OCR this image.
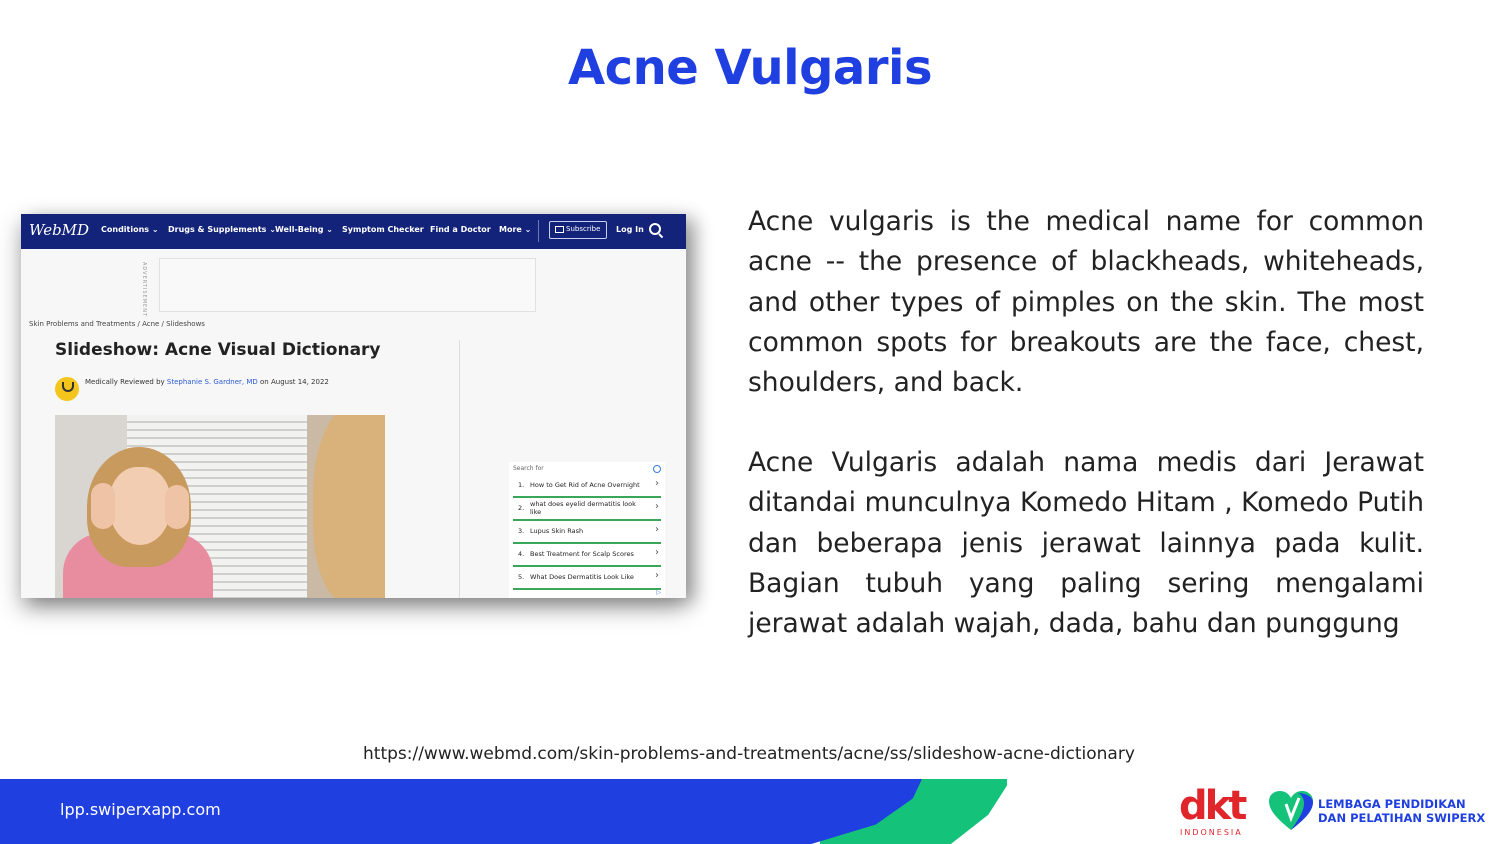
Acne Vulgaris
WebMD Conditions ⌄ Drugs & Supplements ⌄ Well-Being ⌄ Symptom Checker Find a Doctor More ⌄	Subscribe Log In
ADVERTISEMENT
Skin Problems and Treatments / Acne / Slideshows
Slideshow: Acne Visual Dictionary
Medically Reviewed by Stephanie S. Gardner, MD on August 14, 2022
Search for
1. How to Get Rid of Acne Overnight	›
2. what does eyelid dermatitis look like	›
3. Lupus Skin Rash	›
4. Best Treatment for Scalp Scores	›
5. What Does Dermatitis Look Like	›
▷
Acne vulgaris is the medical name for common acne -- the presence of blackheads, whiteheads, and other types of pimples on the skin. The most common spots for breakouts are the face, chest, shoulders, and back.
Acne Vulgaris adalah nama medis dari Jerawat ditandai munculnya Komedo Hitam , Komedo Putih dan beberapa jenis jerawat lainnya pada kulit. Bagian tubuh yang paling sering mengalami jerawat adalah wajah, dada, bahu dan punggung
https://www.webmd.com/skin-problems-and-treatments/acne/ss/slideshow-acne-dictionary
lpp.swiperxapp.com	dkt
INDONESIA
LEMBAGA PENDIDIKAN
DAN PELATIHAN SWIPERX
